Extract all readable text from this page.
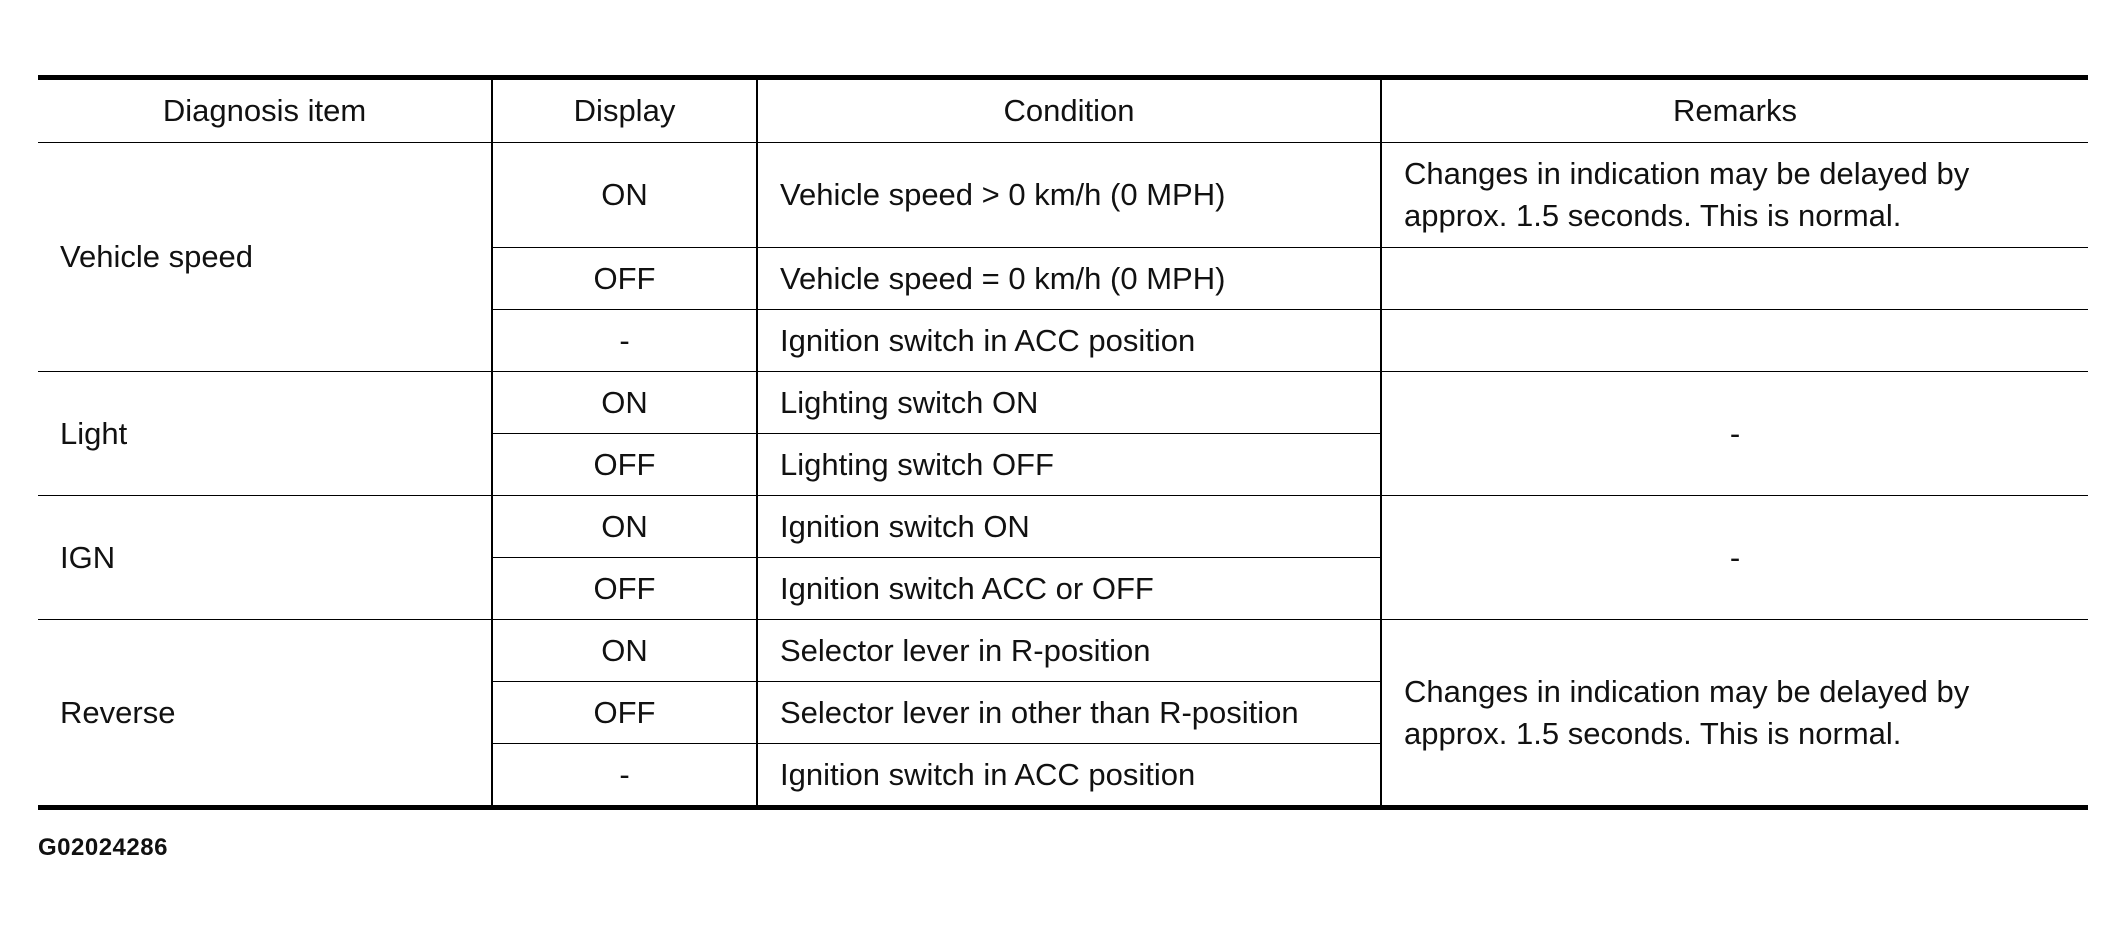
Diagnosis item	Display	Condition	Remarks
Vehicle speed	ON	Vehicle speed > 0 km/h (0 MPH)	Changes in indication may be delayed by approx. 1.5 seconds. This is normal.
	OFF	Vehicle speed = 0 km/h (0 MPH)	
	-	Ignition switch in ACC position	
Light	ON	Lighting switch ON	-
	OFF	Lighting switch OFF	
IGN	ON	Ignition switch ON	-
	OFF	Ignition switch ACC or OFF	
Reverse	ON	Selector lever in R-position	Changes in indication may be delayed by approx. 1.5 seconds. This is normal.
	OFF	Selector lever in other than R-position	
	-	Ignition switch in ACC position	
G02024286
